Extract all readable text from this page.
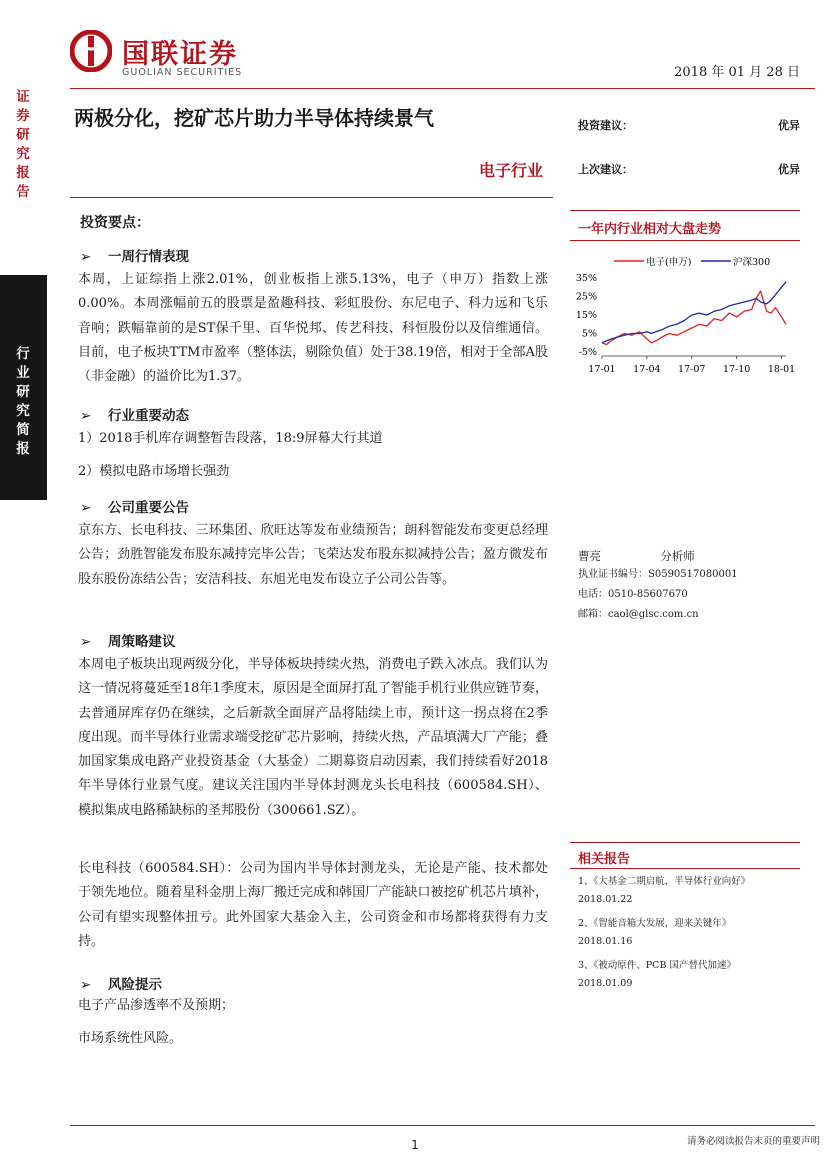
证券研究报告
行业研究简报
国联证券
GUOLIAN SECURITIES	2018 年 01 月 28 日
两极分化，挖矿芯片助力半导体持续景气
电子行业
投资建议：	优异
上次建议：	优异
投资要点：
➢ 一周行情表现
本周，上证综指上涨2.01%，创业板指上涨5.13%，电子（申万）指数上涨0.00%。本周涨幅前五的股票是盈趣科技、彩虹股份、东尼电子、科力远和飞乐音响；跌幅靠前的是ST保千里、百华悦邦、传艺科技、科恒股份以及信维通信。目前，电子板块TTM市盈率（整体法，剔除负值）处于38.19倍，相对于全部A股（非金融）的溢价比为1.37。
➢ 行业重要动态
1）2018手机库存调整暂告段落，18:9屏幕大行其道
2）模拟电路市场增长强劲
➢ 公司重要公告
京东方、长电科技、三环集团、欣旺达等发布业绩预告；朗科智能发布变更总经理公告；劲胜智能发布股东减持完毕公告；飞荣达发布股东拟减持公告；盈方微发布股东股份冻结公告；安洁科技、东旭光电发布设立子公司公告等。
➢ 周策略建议
本周电子板块出现两级分化，半导体板块持续火热，消费电子跌入冰点。我们认为这一情况将蔓延至18年1季度末，原因是全面屏打乱了智能手机行业供应链节奏，去普通屏库存仍在继续，之后新款全面屏产品将陆续上市，预计这一拐点将在2季度出现。而半导体行业需求端受挖矿芯片影响，持续火热，产品填满大厂产能；叠加国家集成电路产业投资基金（大基金）二期募资启动因素，我们持续看好2018年半导体行业景气度。建议关注国内半导体封测龙头长电科技（600584.SH）、模拟集成电路稀缺标的圣邦股份（300661.SZ）。
长电科技（600584.SH）：公司为国内半导体封测龙头，无论是产能、技术都处于领先地位。随着星科金朋上海厂搬迁完成和韩国厂产能缺口被挖矿机芯片填补，公司有望实现整体扭亏。此外国家大基金入主，公司资金和市场都将获得有力支持。
➢ 风险提示
电子产品渗透率不及预期；
市场系统性风险。
一年内行业相对大盘走势
电子(申万)	沪深300
35%
25%
15%
5%
-5%
17-01 17-04 17-07 17-10 18-01
曹亮	分析师
执业证书编号：S0590517080001
电话：0510-85607670
邮箱：caol@glsc.com.cn
相关报告
1、《大基金二期启航，半导体行业向好》
2018.01.22
2、《智能音箱大发展，迎来关键年》
2018.01.16
3、《被动原件、PCB 国产替代加速》
2018.01.09
1	请务必阅读报告末页的重要声明
